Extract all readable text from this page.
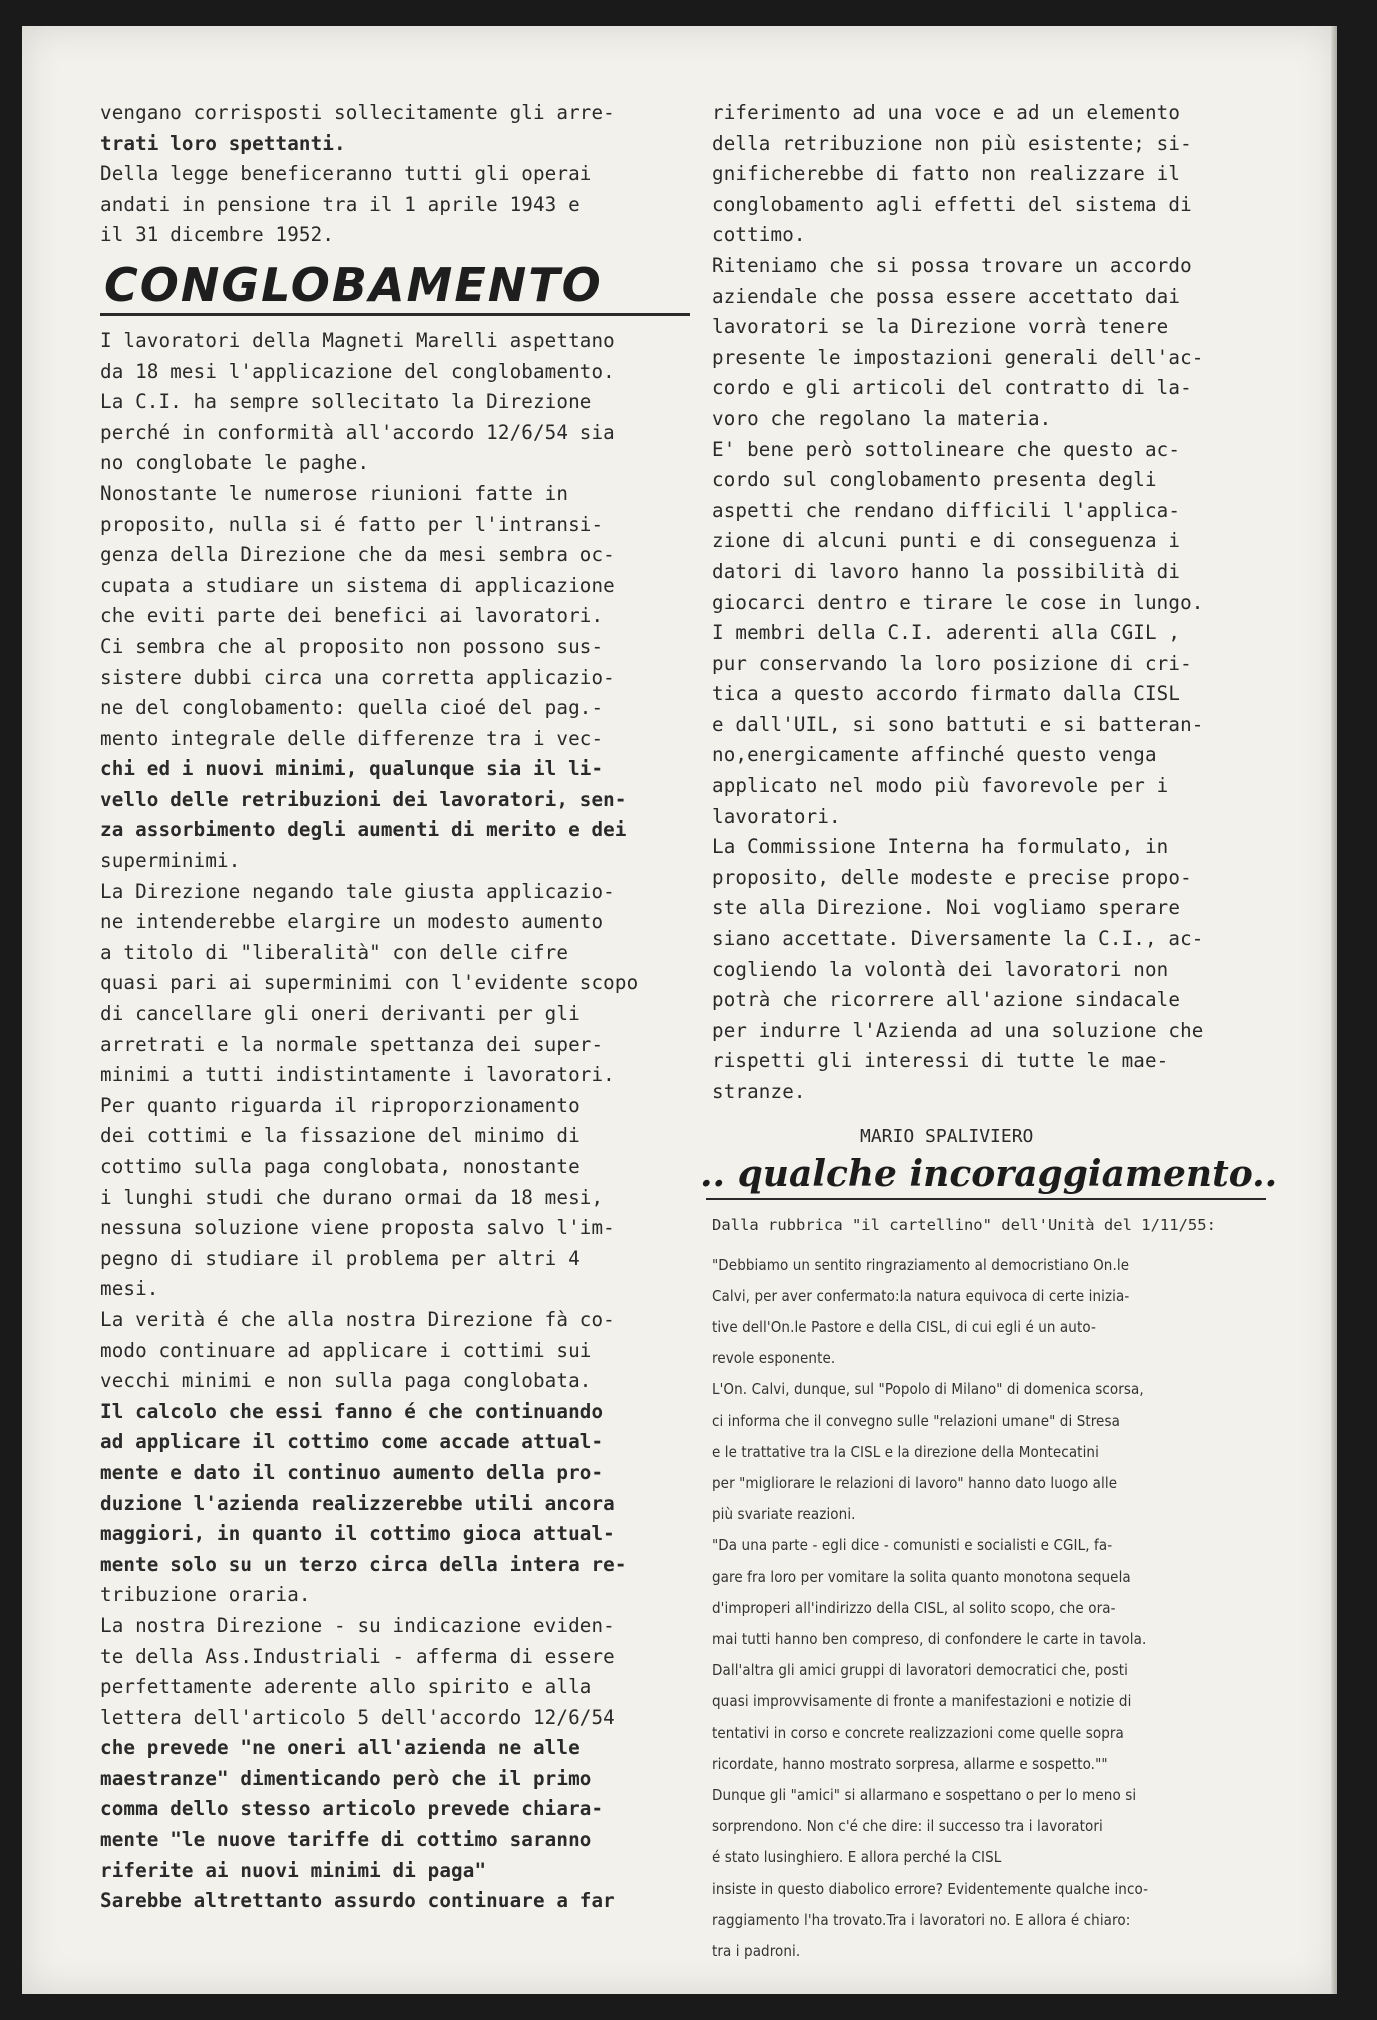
vengano corrisposti sollecitamente gli arre-
trati loro spettanti.
Della legge beneficeranno tutti gli operai
andati in pensione tra il 1 aprile 1943 e
il 31 dicembre 1952.
CONGLOBAMENTO
I lavoratori della Magneti Marelli aspettano
da 18 mesi l'applicazione del conglobamento.
La C.I. ha sempre sollecitato la Direzione
perché in conformità all'accordo 12/6/54 sia
no conglobate le paghe.
Nonostante le numerose riunioni fatte in
proposito, nulla si é fatto per l'intransi-
genza della Direzione che da mesi sembra oc-
cupata a studiare un sistema di applicazione
che eviti parte dei benefici ai lavoratori.
Ci sembra che al proposito non possono sus-
sistere dubbi circa una corretta applicazio-
ne del conglobamento: quella cioé del pag.-
mento integrale delle differenze tra i vec-
chi ed i nuovi minimi, qualunque sia il li-
vello delle retribuzioni dei lavoratori, sen-
za assorbimento degli aumenti di merito e dei
superminimi.
La Direzione negando tale giusta applicazio-
ne intenderebbe elargire un modesto aumento
a titolo di "liberalità" con delle cifre
quasi pari ai superminimi con l'evidente scopo
di cancellare gli oneri derivanti per gli
arretrati e la normale spettanza dei super-
minimi a tutti indistintamente i lavoratori.
Per quanto riguarda il riproporzionamento
dei cottimi e la fissazione del minimo di
cottimo sulla paga conglobata, nonostante
i lunghi studi che durano ormai da 18 mesi,
nessuna soluzione viene proposta salvo l'im-
pegno di studiare il problema per altri 4
mesi.
La verità é che alla nostra Direzione fà co-
modo continuare ad applicare i cottimi sui
vecchi minimi e non sulla paga conglobata.
Il calcolo che essi fanno é che continuando
ad applicare il cottimo come accade attual-
mente e dato il continuo aumento della pro-
duzione l'azienda realizzerebbe utili ancora
maggiori, in quanto il cottimo gioca attual-
mente solo su un terzo circa della intera re-
tribuzione oraria.
La nostra Direzione - su indicazione eviden-
te della Ass.Industriali - afferma di essere
perfettamente aderente allo spirito e alla
lettera dell'articolo 5 dell'accordo 12/6/54
che prevede "ne oneri all'azienda ne alle
maestranze" dimenticando però che il primo
comma dello stesso articolo prevede chiara-
mente "le nuove tariffe di cottimo saranno
riferite ai nuovi minimi di paga"
Sarebbe altrettanto assurdo continuare a far
riferimento ad una voce e ad un elemento
della retribuzione non più esistente; si-
gnificherebbe di fatto non realizzare il
conglobamento agli effetti del sistema di
cottimo.
Riteniamo che si possa trovare un accordo
aziendale che possa essere accettato dai
lavoratori se la Direzione vorrà tenere
presente le impostazioni generali dell'ac-
cordo e gli articoli del contratto di la-
voro che regolano la materia.
E' bene però sottolineare che questo ac-
cordo sul conglobamento presenta degli
aspetti che rendano difficili l'applica-
zione di alcuni punti e di conseguenza i
datori di lavoro hanno la possibilità di
giocarci dentro e tirare le cose in lungo.
I membri della C.I. aderenti alla CGIL ,
pur conservando la loro posizione di cri-
tica a questo accordo firmato dalla CISL
e dall'UIL, si sono battuti e si batteran-
no,energicamente affinché questo venga
applicato nel modo più favorevole per i
lavoratori.
La Commissione Interna ha formulato, in
proposito, delle modeste e precise propo-
ste alla Direzione. Noi vogliamo sperare
siano accettate. Diversamente la C.I., ac-
cogliendo la volontà dei lavoratori non
potrà che ricorrere all'azione sindacale
per indurre l'Azienda ad una soluzione che
rispetti gli interessi di tutte le mae-
stranze.
MARIO SPALIVIERO
.. qualche incoraggiamento..
Dalla rubbrica "il cartellino" dell'Unità del 1/11/55:
"Debbiamo un sentito ringraziamento al democristiano On.le
Calvi, per aver confermato:la natura equivoca di certe inizia-
tive dell'On.le Pastore e della CISL, di cui egli é un auto-
revole esponente.
L'On. Calvi, dunque, sul "Popolo di Milano" di domenica scorsa,
ci informa che il convegno sulle "relazioni umane" di Stresa
e le trattative tra la CISL e la direzione della Montecatini
per "migliorare le relazioni di lavoro" hanno dato luogo alle
più svariate reazioni.
"Da una parte - egli dice - comunisti e socialisti e CGIL, fa-
gare fra loro per vomitare la solita quanto monotona sequela
d'improperi all'indirizzo della CISL, al solito scopo, che ora-
mai tutti hanno ben compreso, di confondere le carte in tavola.
Dall'altra gli amici gruppi di lavoratori democratici che, posti
quasi improvvisamente di fronte a manifestazioni e notizie di
tentativi in corso e concrete realizzazioni come quelle sopra
ricordate, hanno mostrato sorpresa, allarme e sospetto.""
Dunque gli "amici" si allarmano e sospettano o per lo meno si
sorprendono. Non c'é che dire: il successo tra i lavoratori
é stato lusinghiero. E allora perché la CISL
insiste in questo diabolico errore? Evidentemente qualche inco-
raggiamento l'ha trovato.Tra i lavoratori no. E allora é chiaro:
tra i padroni.
